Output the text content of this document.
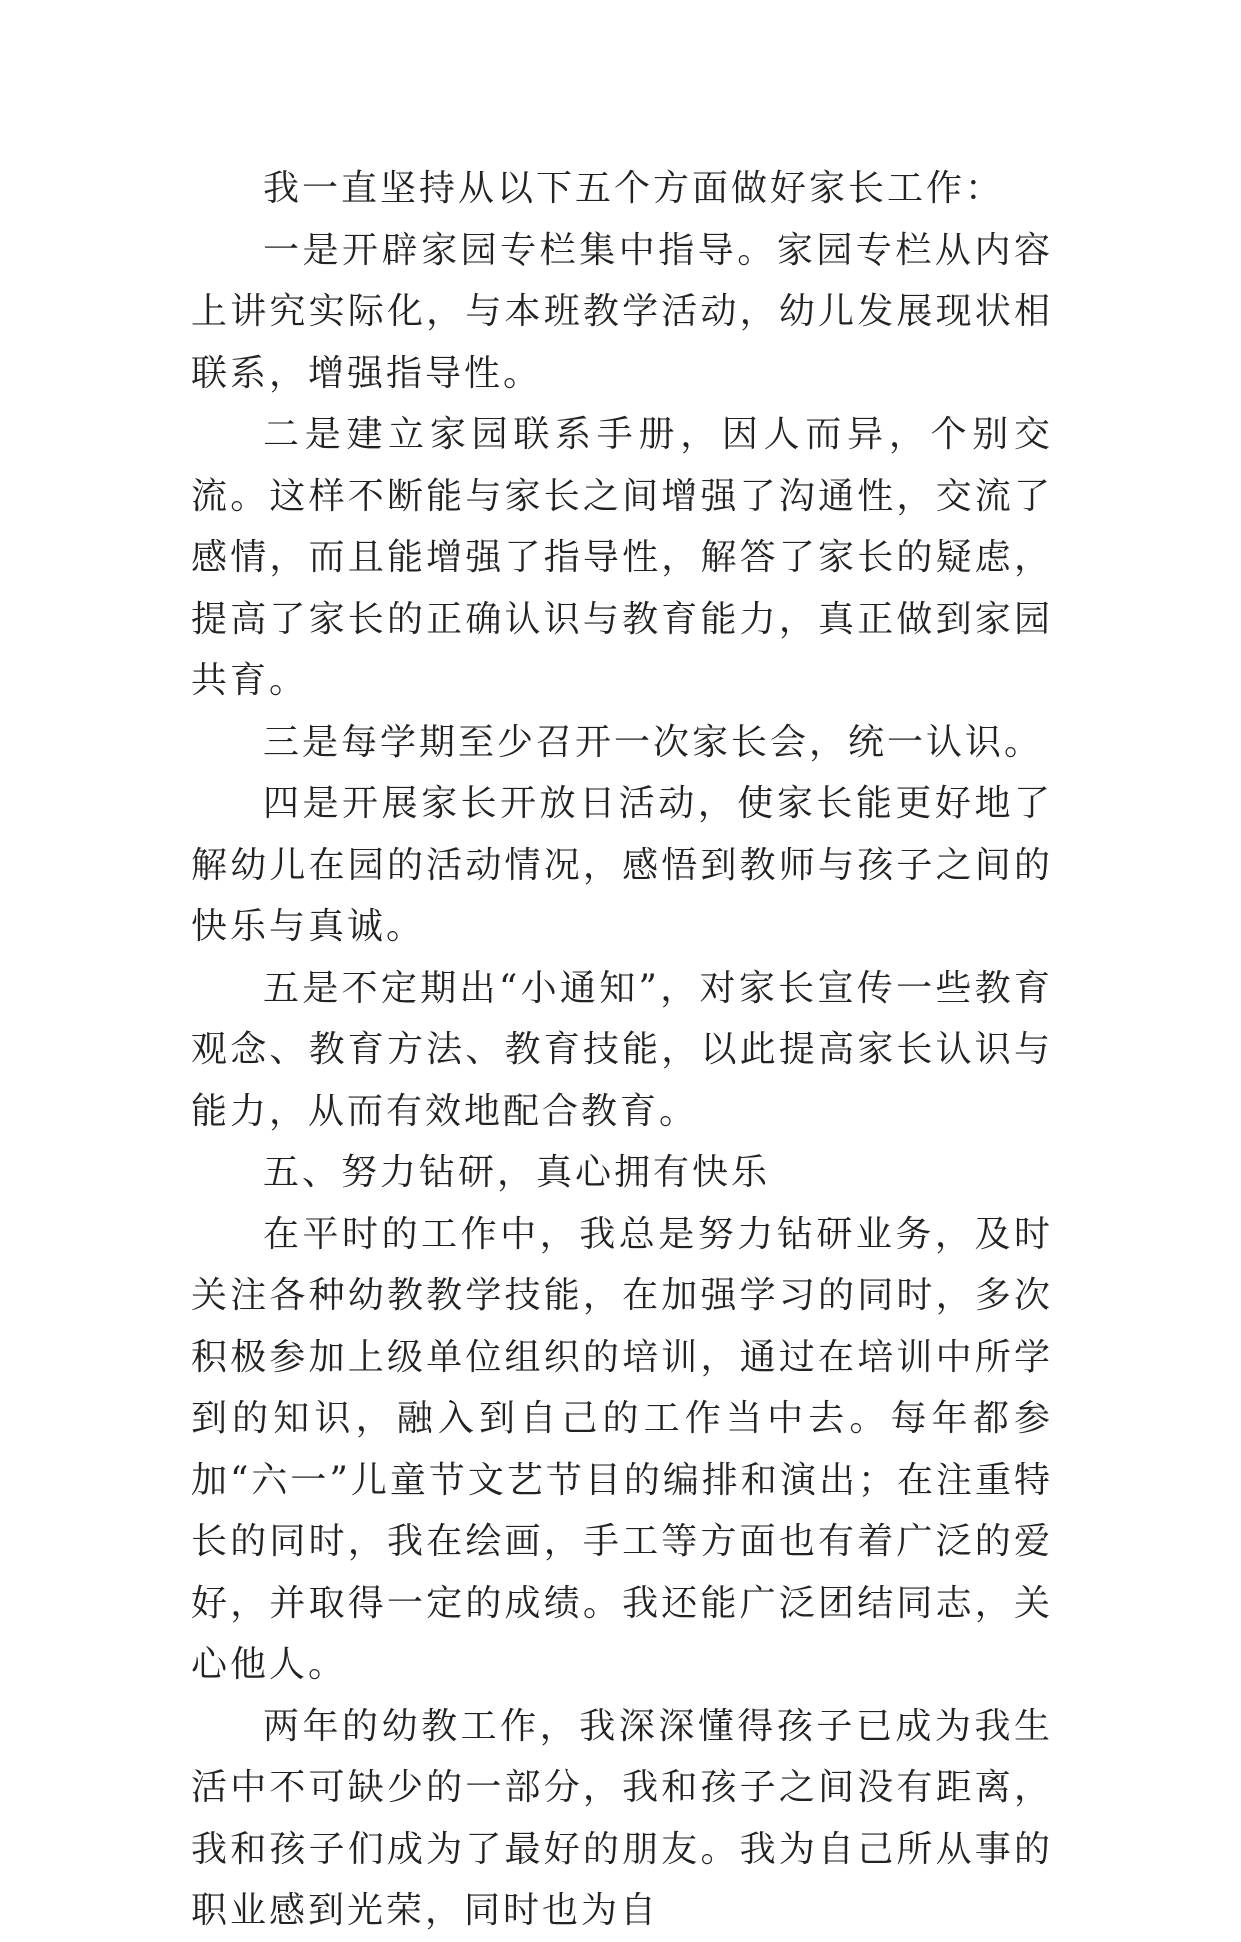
我一直坚持从以下五个方面做好家长工作：

一是开辟家园专栏集中指导。家园专栏从内容上讲究实际化，与本班教学活动，幼儿发展现状相联系，增强指导性。

二是建立家园联系手册，因人而异，个别交流。这样不断能与家长之间增强了沟通性，交流了感情，而且能增强了指导性，解答了家长的疑虑，提高了家长的正确认识与教育能力，真正做到家园共育。

三是每学期至少召开一次家长会，统一认识。

四是开展家长开放日活动，使家长能更好地了解幼儿在园的活动情况，感悟到教师与孩子之间的快乐与真诚。

五是不定期出“小通知”，对家长宣传一些教育观念、教育方法、教育技能，以此提高家长认识与能力，从而有效地配合教育。

五、努力钻研，真心拥有快乐

在平时的工作中，我总是努力钻研业务，及时关注各种幼教教学技能，在加强学习的同时，多次积极参加上级单位组织的培训，通过在培训中所学到的知识，融入到自己的工作当中去。每年都参加“六一”儿童节文艺节目的编排和演出；在注重特长的同时，我在绘画，手工等方面也有着广泛的爱好，并取得一定的成绩。我还能广泛团结同志，关心他人。

两年的幼教工作，我深深懂得孩子已成为我生活中不可缺少的一部分，我和孩子之间没有距离，我和孩子们成为了最好的朋友。我为自己所从事的职业感到光荣，同时也为自
